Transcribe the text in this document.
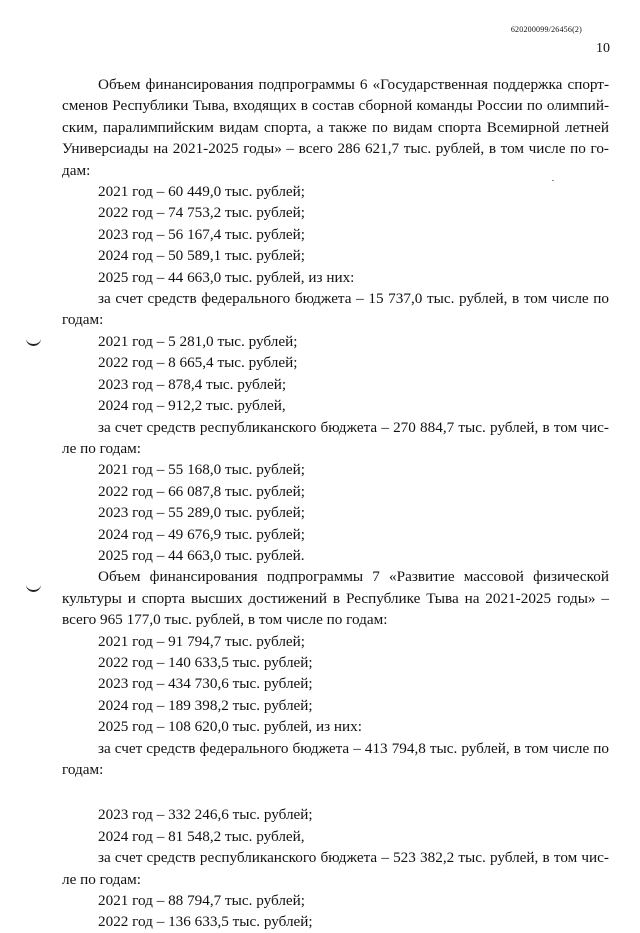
620200099/26456(2)
10

Объем финансирования подпрограммы 6 «Государственная поддержка спорт-сменов Республики Тыва, входящих в состав сборной команды России по олимпий-ским, паралимпийским видам спорта, а также по видам спорта Всемирной летней Универсиады на 2021-2025 годы» – всего 286 621,7 тыс. рублей, в том числе по го-дам:

2021 год – 60 449,0 тыс. рублей;

2022 год – 74 753,2 тыс. рублей;

2023 год – 56 167,4 тыс. рублей;

2024 год – 50 589,1 тыс. рублей;

2025 год – 44 663,0 тыс. рублей, из них:

за счет средств федерального бюджета – 15 737,0 тыс. рублей, в том числе по годам:

2021 год – 5 281,0 тыс. рублей;

2022 год – 8 665,4 тыс. рублей;

2023 год – 878,4 тыс. рублей;

2024 год – 912,2 тыс. рублей,

за счет средств республиканского бюджета – 270 884,7 тыс. рублей, в том чис-ле по годам:

2021 год – 55 168,0 тыс. рублей;

2022 год – 66 087,8 тыс. рублей;

2023 год – 55 289,0 тыс. рублей;

2024 год – 49 676,9 тыс. рублей;

2025 год – 44 663,0 тыс. рублей.

Объем финансирования подпрограммы 7 «Развитие массовой физической культуры и спорта высших достижений в Республике Тыва на 2021-2025 годы» – всего 965 177,0 тыс. рублей, в том числе по годам:

2021 год – 91 794,7 тыс. рублей;

2022 год – 140 633,5 тыс. рублей;

2023 год – 434 730,6 тыс. рублей;

2024 год – 189 398,2 тыс. рублей;

2025 год – 108 620,0 тыс. рублей, из них:

за счет средств федерального бюджета – 413 794,8 тыс. рублей, в том числе по годам:

2023 год – 332 246,6 тыс. рублей;

2024 год – 81 548,2 тыс. рублей,

за счет средств республиканского бюджета – 523 382,2 тыс. рублей, в том чис-ле по годам:

2021 год – 88 794,7 тыс. рублей;

2022 год – 136 633,5 тыс. рублей;
